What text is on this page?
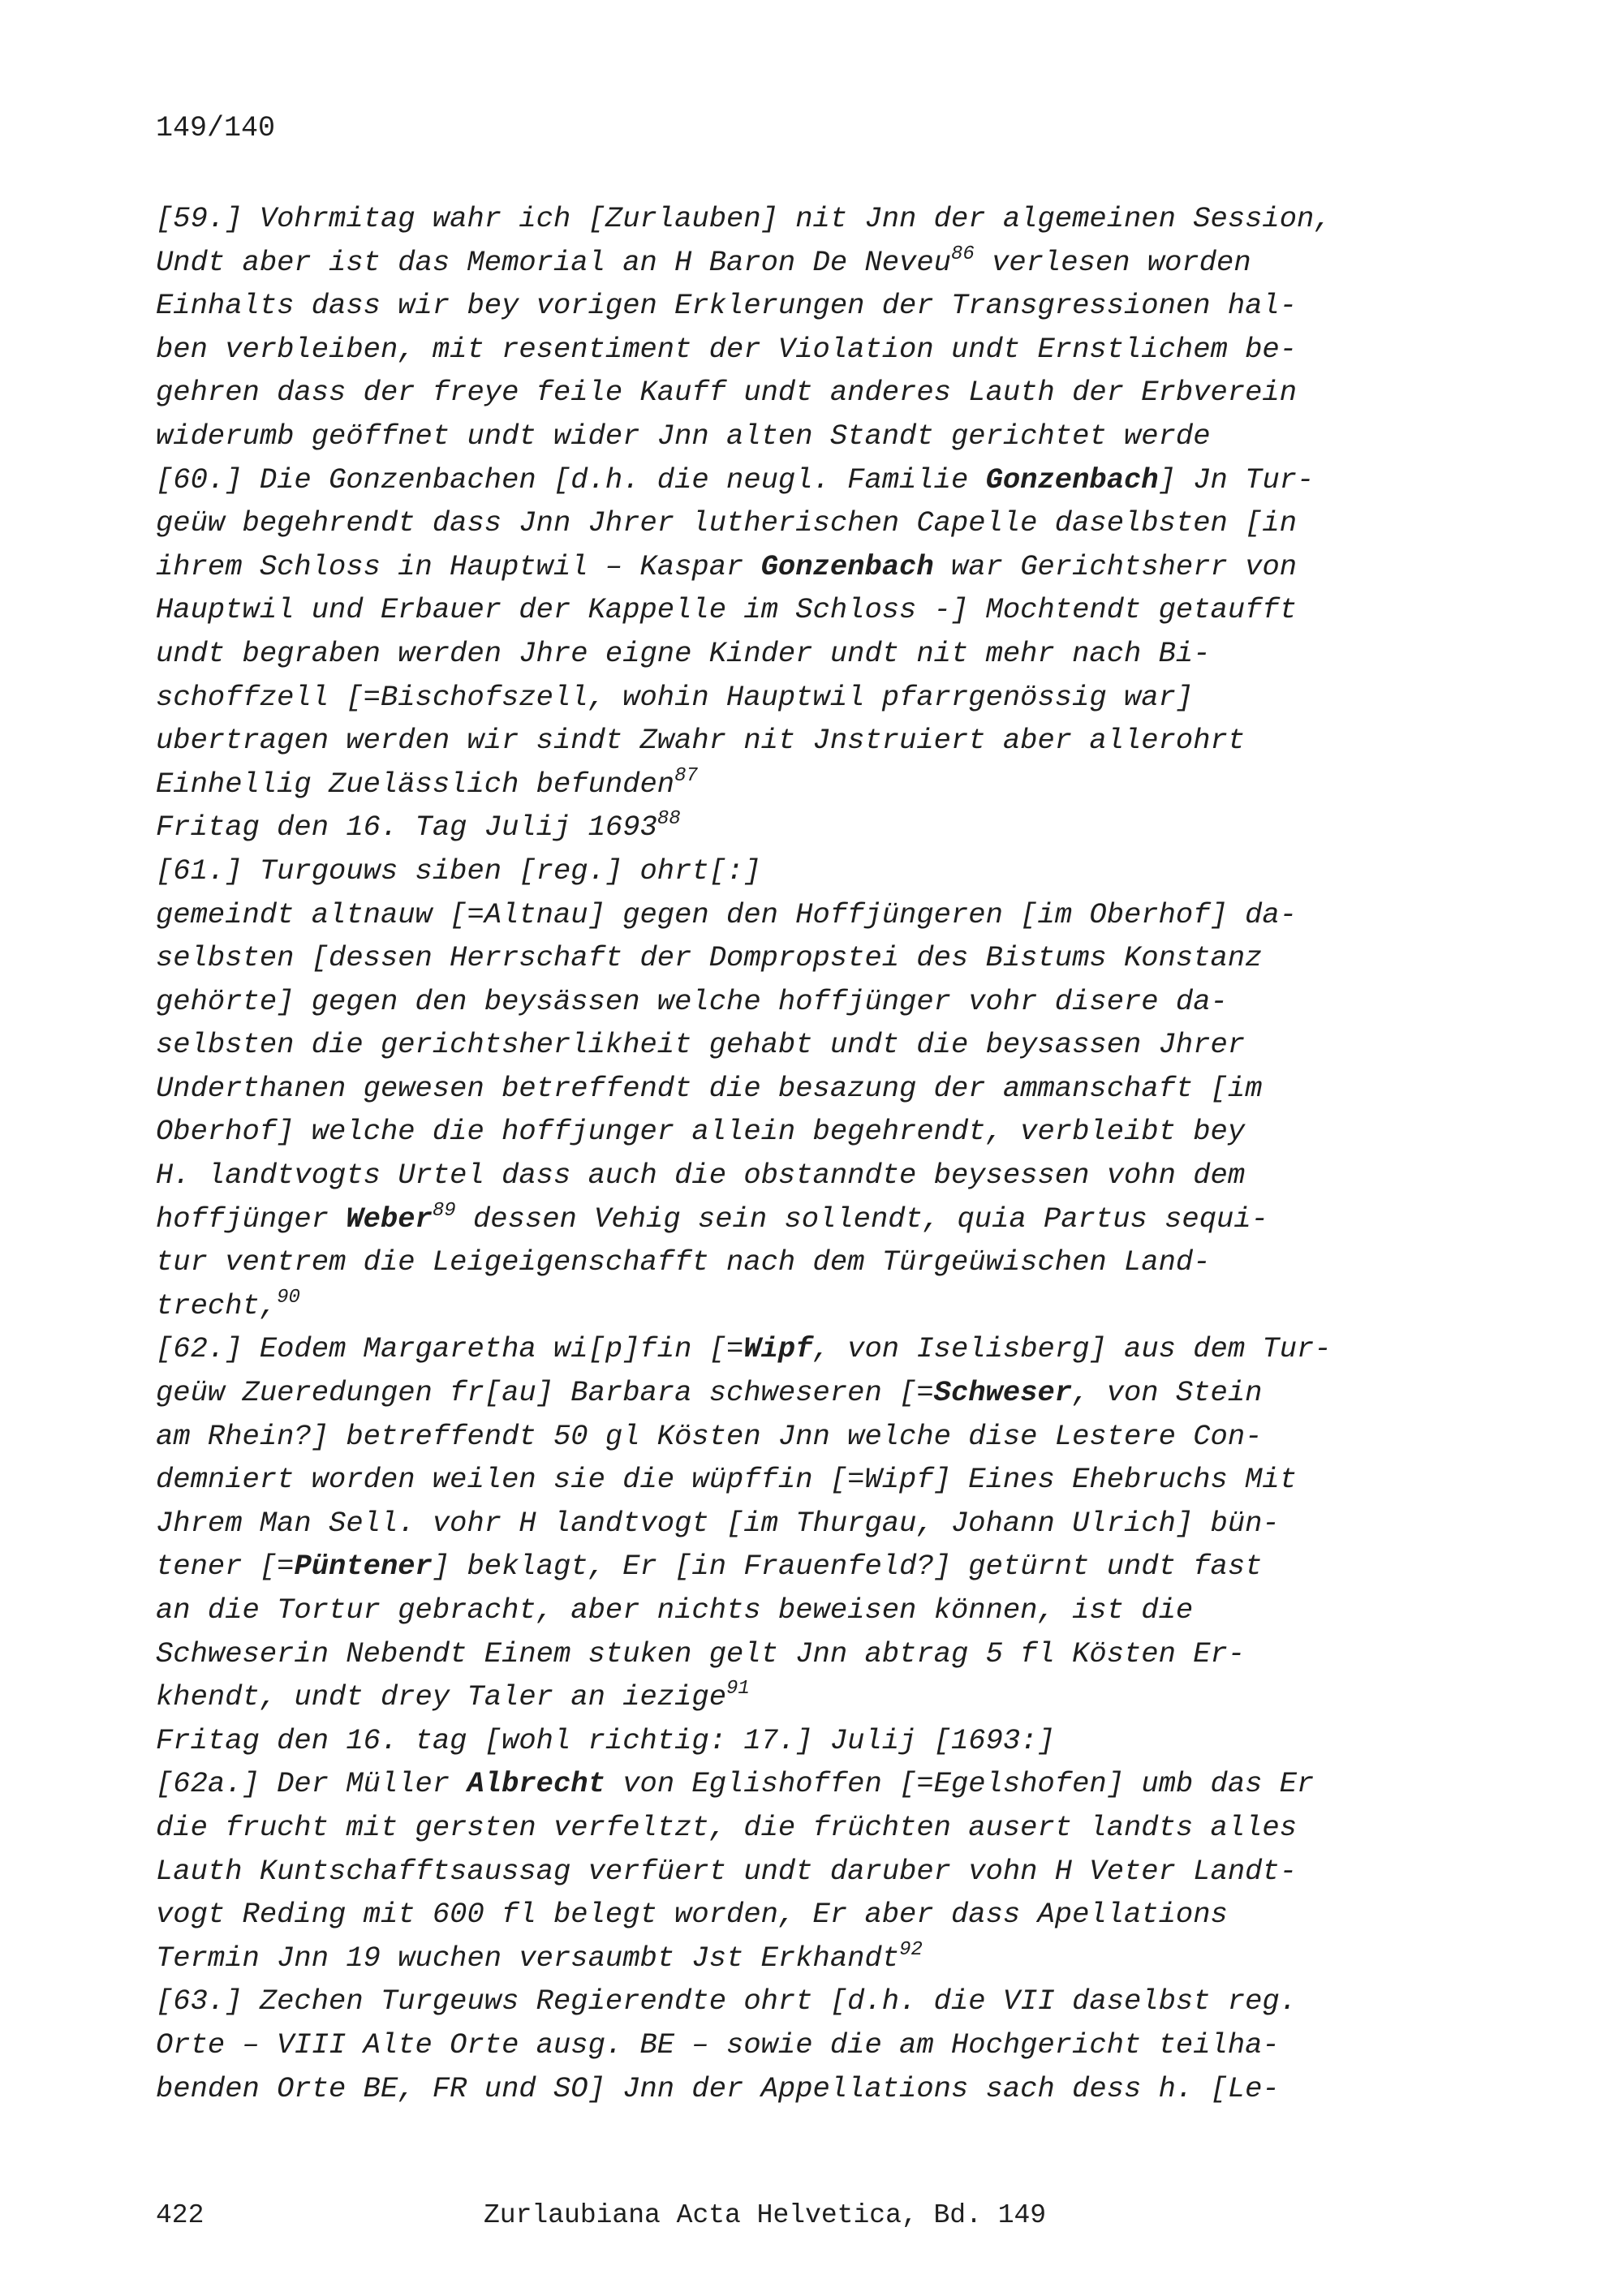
149/140

[59.] Vohrmitag wahr ich [Zurlauben] nit Jnn der algemeinen Session,
Undt aber ist das Memorial an H Baron De Neveu$^{86}$ verlesen worden
Einhalts dass wir bey vorigen Erklerungen der Transgressionen hal-
ben verbleiben, mit resentiment der Violation undt Ernstlichem be-
gehren dass der freye feile Kauff undt anderes Lauth der Erbverein
widerumb geöffnet undt wider Jnn alten Standt gerichtet werde
[60.] Die Gonzenbachen [d.h. die neugl. Familie Gonzenbach] Jn Tur-
geüw begehrendt dass Jnn Jhrer lutherischen Capelle daselbsten [in
ihrem Schloss in Hauptwil – Kaspar Gonzenbach war Gerichtsherr von
Hauptwil und Erbauer der Kappelle im Schloss -] Mochtendt getaufft
undt begraben werden Jhre eigne Kinder undt nit mehr nach Bi-
schoffzell [=Bischofszell, wohin Hauptwil pfarrgenössig war]
ubertragen werden wir sindt Zwahr nit Jnstruiert aber allerohrt
Einhellig Zuelässlich befunden$^{87}$
Fritag den 16. Tag Julij 1693$^{88}$
[61.] Turgouws siben [reg.] ohrt[:]
gemeindt altnauw [=Altnau] gegen den Hoffjüngeren [im Oberhof] da-
selbsten [dessen Herrschaft der Dompropstei des Bistums Konstanz
gehörte] gegen den beysässen welche hoffjünger vohr disere da-
selbsten die gerichtsherlikheit gehabt undt die beysassen Jhrer
Underthanen gewesen betreffendt die besazung der ammanschaft [im
Oberhof] welche die hoffjunger allein begehrendt, verbleibt bey
H. landtvogts Urtel dass auch die obstanndte beysessen vohn dem
hoffjünger Weber$^{89}$ dessen Vehig sein sollendt, quia Partus sequi-
tur ventrem die Leigeigenschafft nach dem Türgeüwischen Land-
trecht,$^{90}$
[62.] Eodem Margaretha wi[p]fin [=Wipf, von Iselisberg] aus dem Tur-
geüw Zueredungen fr[au] Barbara schweseren [=Schweser, von Stein
am Rhein?] betreffendt 50 gl Kösten Jnn welche dise Lestere Con-
demniert worden weilen sie die wüpffin [=Wipf] Eines Ehebruchs Mit
Jhrem Man Sell. vohr H landtvogt [im Thurgau, Johann Ulrich] bün-
tener [=Püntener] beklagt, Er [in Frauenfeld?] getürnt undt fast
an die Tortur gebracht, aber nichts beweisen können, ist die
Schweserin Nebendt Einem stuken gelt Jnn abtrag 5 fl Kösten Er-
khendt, undt drey Taler an iezige$^{91}$
Fritag den 16. tag [wohl richtig: 17.] Julij [1693:]
[62a.] Der Müller Albrecht von Eglishoffen [=Egelshofen] umb das Er
die frucht mit gersten verfeltzt, die früchten ausert landts alles
Lauth Kuntschafftsaussag verfüert undt daruber vohn H Veter Landt-
vogt Reding mit 600 fl belegt worden, Er aber dass Apellations
Termin Jnn 19 wuchen versaumbt Jst Erkhandt$^{92}$
[63.] Zechen Turgeuws Regierendte ohrt [d.h. die VII daselbst reg.
Orte – VIII Alte Orte ausg. BE – sowie die am Hochgericht teilha-
benden Orte BE, FR und SO] Jnn der Appellations sach dess h. [Le-
422	Zurlaubiana Acta Helvetica, Bd. 149
